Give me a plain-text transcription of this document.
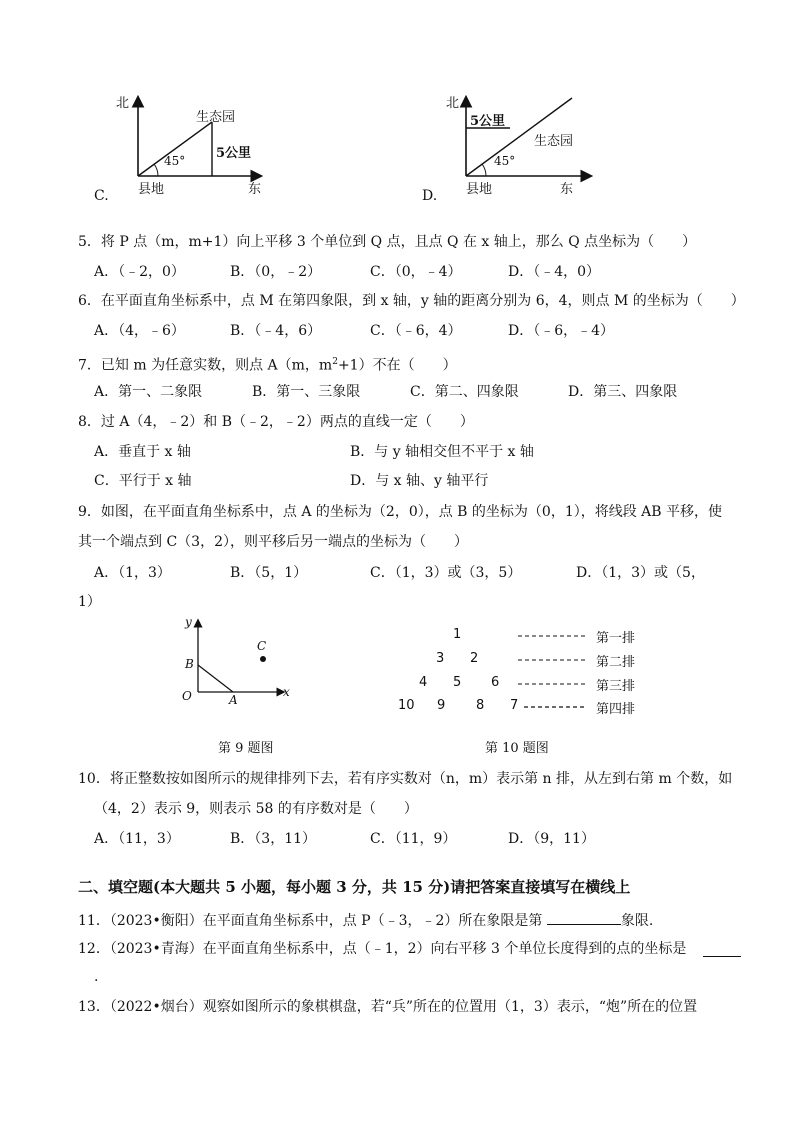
C.
北
生态园
5公里
45°
县地	东	D.
北
5公里
生态园
45°
县地	东
5．将 P 点（m，m+1）向上平移 3 个单位到 Q 点，且点 Q 在 x 轴上，那么 Q 点坐标为（　　）
A．（﹣2，0）	B．（0，﹣2）	C．（0，﹣4）	D．（﹣4，0）
6．在平面直角坐标系中，点 M 在第四象限，到 x 轴，y 轴的距离分别为 6，4，则点 M 的坐标为（　　）
A．（4，﹣6）	B．（﹣4，6）	C．（﹣6，4）	D．（﹣6，﹣4）
7．已知 m 为任意实数，则点 A（m，$m^2+1$）不在（　　）
A．第一、二象限	B．第一、三象限	C．第二、四象限	D．第三、四象限
8．过 A（4，﹣2）和 B（﹣2，﹣2）两点的直线一定（　　）
A．垂直于 x 轴	B．与 y 轴相交但不平于 x 轴
C．平行于 x 轴	D．与 x 轴、y 轴平行
9．如图，在平面直角坐标系中，点 A 的坐标为（2，0），点 B 的坐标为（0，1），将线段 AB 平移，使
其一个端点到 C（3，2），则平移后另一端点的坐标为（　　）
A．（1，3）	B．（5，1）	C．（1，3）或（3，5）	D．（1，3）或（5，
1）
y
B
C
O	A
x
第 9 题图
1
3 2
4 5 6
10 9 8 7
第一排
第二排
第三排
第四排
第 10 题图
10．将正整数按如图所示的规律排列下去，若有序实数对（n，m）表示第 n 排，从左到右第 m 个数，如
（4，2）表示 9，则表示 58 的有序数对是（　　）
A．（11，3）	B．（3，11）	C．（11，9）	D．（9，11）
二、填空题(本大题共 5 小题，每小题 3 分，共 15 分)请把答案直接填写在横线上
11．（2023•衡阳）在平面直角坐标系中，点 P（﹣3，﹣2）所在象限是第	象限.
12．（2023•青海）在平面直角坐标系中，点（﹣1，2）向右平移 3 个单位长度得到的点的坐标是
.
13．（2022•烟台）观察如图所示的象棋棋盘，若“兵”所在的位置用（1，3）表示，“炮”所在的位置
